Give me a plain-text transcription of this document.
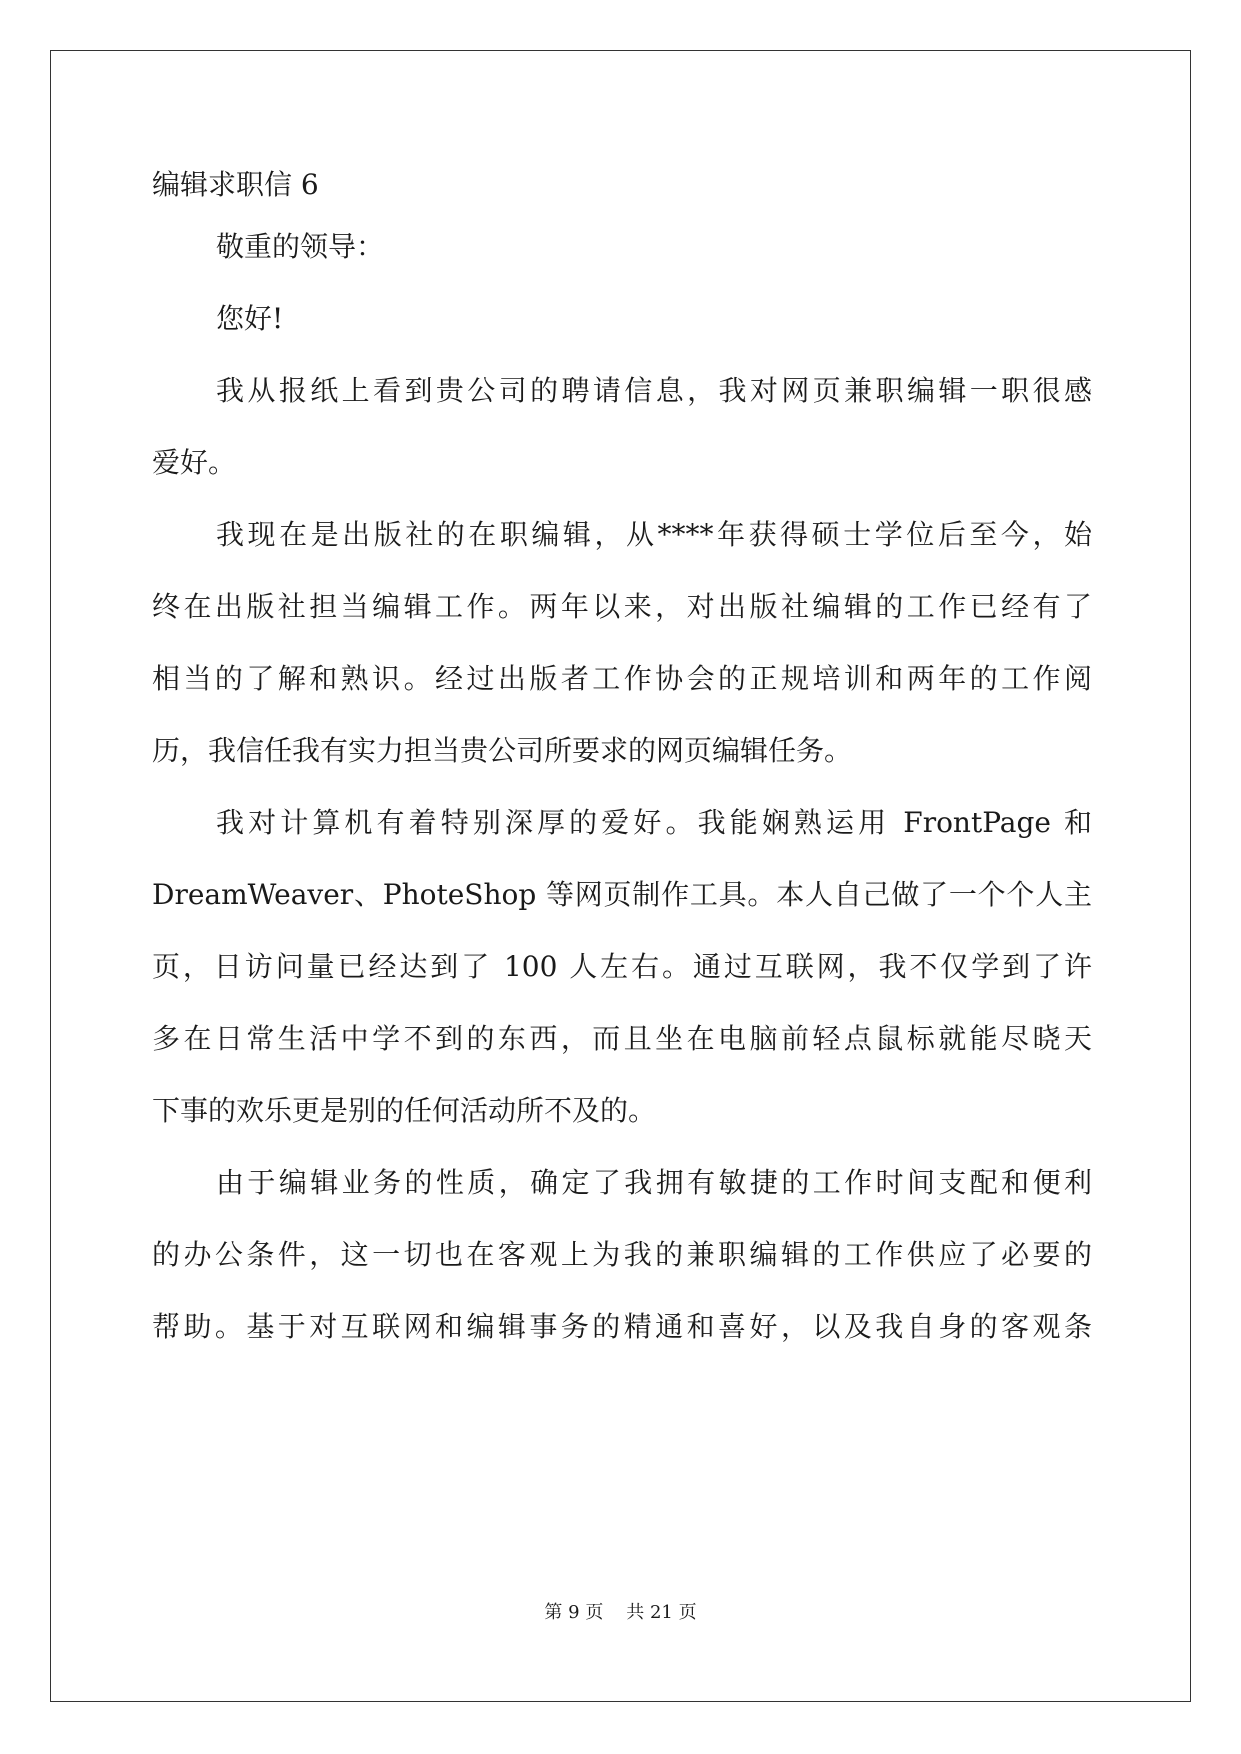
编辑求职信 6
敬重的领导：
您好!
我从报纸上看到贵公司的聘请信息，我对网页兼职编辑一职很感
爱好。
我现在是出版社的在职编辑，从****年获得硕士学位后至今，始
终在出版社担当编辑工作。两年以来，对出版社编辑的工作已经有了
相当的了解和熟识。经过出版者工作协会的正规培训和两年的工作阅
历，我信任我有实力担当贵公司所要求的网页编辑任务。
我对计算机有着特别深厚的爱好。我能娴熟运用 FrontPage 和
DreamWeaver、PhoteShop 等网页制作工具。本人自己做了一个个人主
页，日访问量已经达到了 100 人左右。通过互联网，我不仅学到了许
多在日常生活中学不到的东西，而且坐在电脑前轻点鼠标就能尽晓天
下事的欢乐更是别的任何活动所不及的。
由于编辑业务的性质，确定了我拥有敏捷的工作时间支配和便利
的办公条件，这一切也在客观上为我的兼职编辑的工作供应了必要的
帮助。基于对互联网和编辑事务的精通和喜好，以及我自身的客观条
第 9 页 共 21 页
